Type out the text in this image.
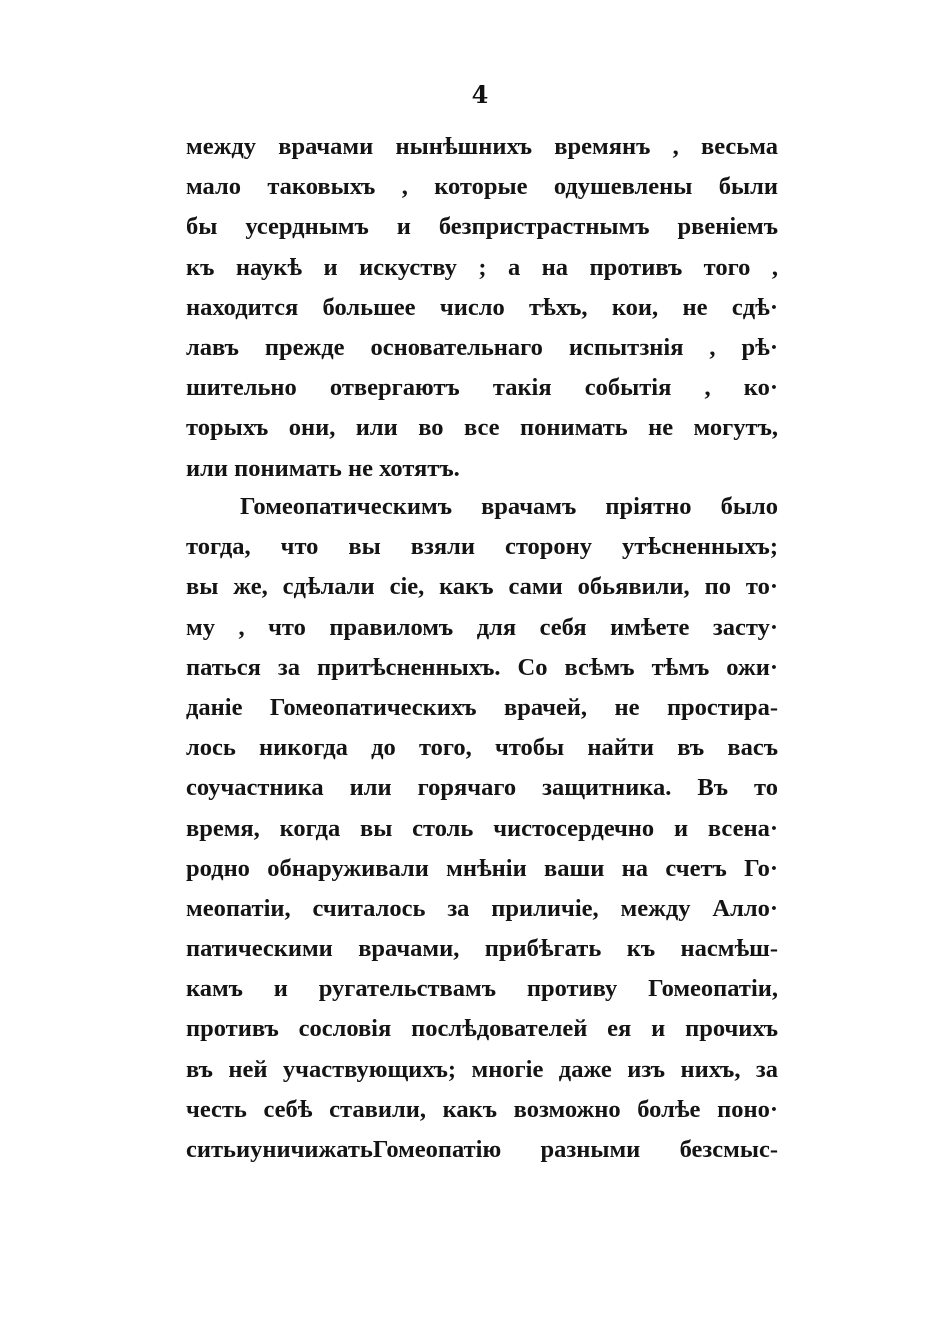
4
между врачами нынѣшнихъ времянъ , весьма
мало таковыхъ , которые одушевлены были
бы усерднымъ и безпристрастнымъ рвеніемъ
къ наукѣ и искуству ; а на противъ того ,
находится большее число тѣхъ, кои, не сдѣ·
лавъ прежде основательнаго испытзнія , рѣ·
шительно отвергаютъ такія событія , ко·
торыхъ они, или во все понимать не могутъ,
или понимать не хотятъ.
Гомеопатическимъ врачамъ пріятно было
тогда, что вы взяли сторону утѣсненныхъ;
вы же, сдѣлали сіе, какъ сами обьявили, по то·
му , что правиломъ для себя имѣете засту·
паться за притѣсненныхъ. Со всѣмъ тѣмъ ожи·
даніе Гомеопатическихъ врачей, не простира-
лось никогда до того, чтобы найти въ васъ
соучастника или горячаго защитника. Въ то
время, когда вы столь чистосердечно и всена·
родно обнаруживали мнѣніи ваши на счетъ Го·
меопатіи, считалось за приличіе, между Алло·
патическими врачами, прибѣгать къ насмѣш-
камъ и ругательствамъ противу Гомеопатіи,
противъ сословія послѣдователей ея и прочихъ
въ ней участвующихъ; многіе даже изъ нихъ, за
честь себѣ ставили, какъ возможно болѣе поно·
ситьиуничижатьГомеопатію разными безсмыс-
